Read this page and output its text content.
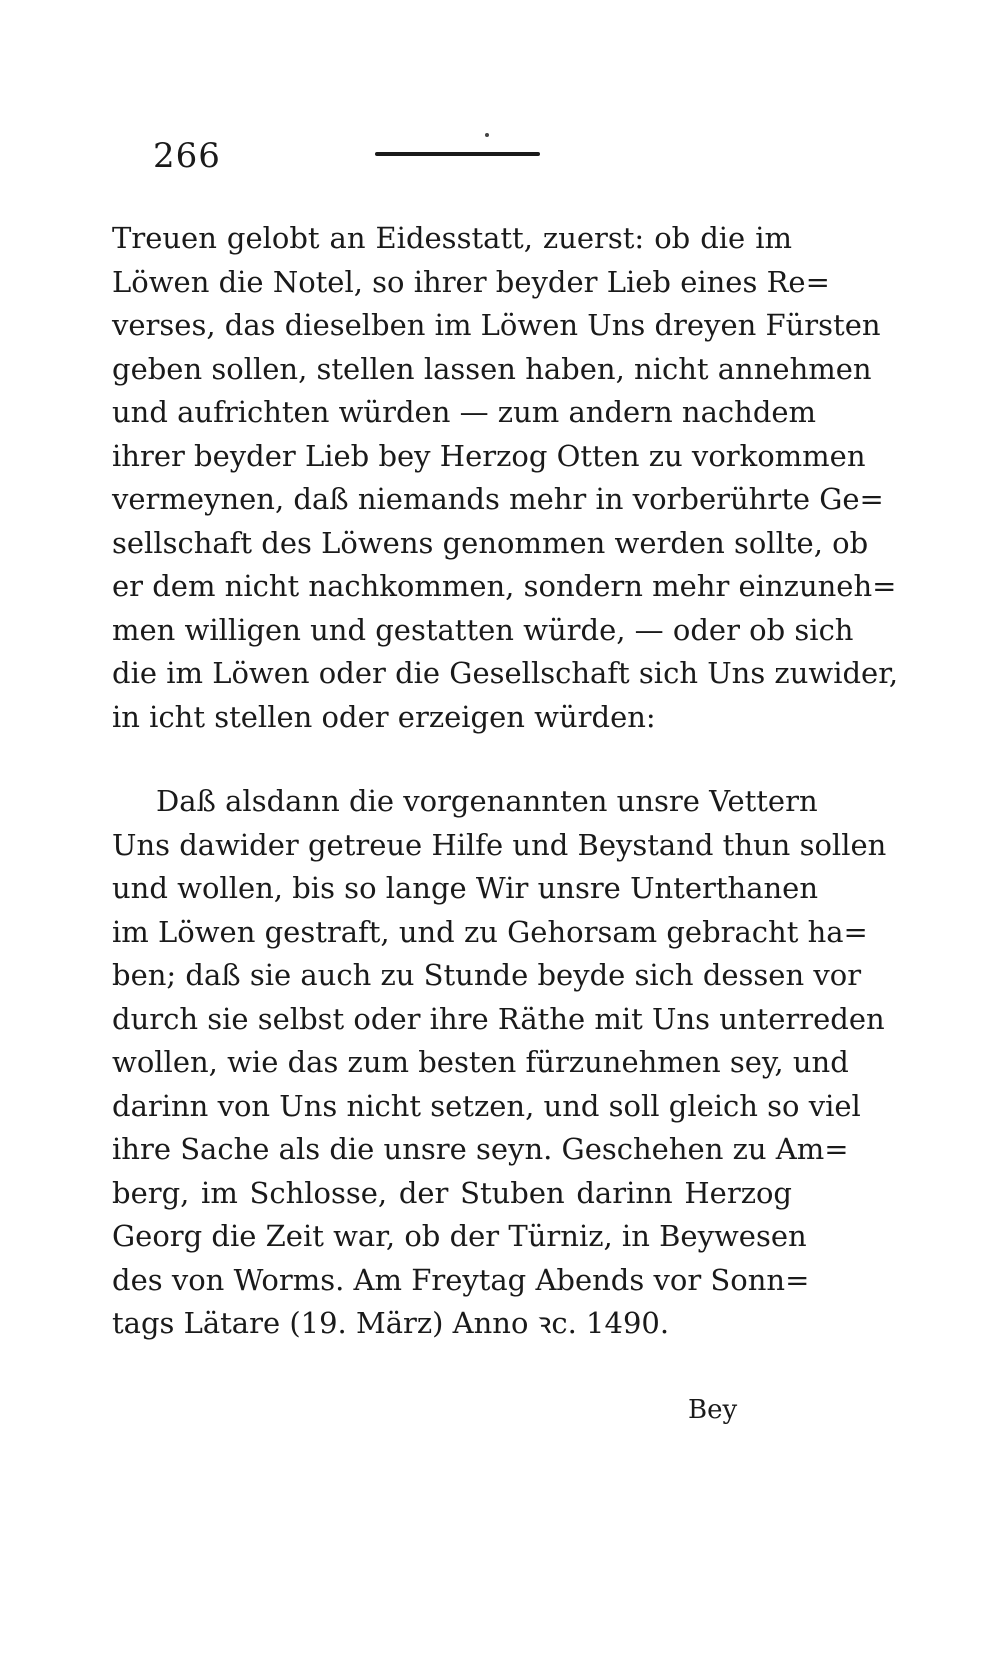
266

Treuen gelobt an Eidesstatt, zuerst: ob die im
Löwen die Notel, so ihrer beyder Lieb eines Re=
verses, das dieselben im Löwen Uns dreyen Fürsten
geben sollen, stellen lassen haben, nicht annehmen
und aufrichten würden — zum andern nachdem
ihrer beyder Lieb bey Herzog Otten zu vorkommen
vermeynen, daß niemands mehr in vorberührte Ge=
sellschaft des Löwens genommen werden sollte, ob
er dem nicht nachkommen, sondern mehr einzuneh=
men willigen und gestatten würde, — oder ob sich
die im Löwen oder die Gesellschaft sich Uns zuwider,
in icht stellen oder erzeigen würden:

Daß alsdann die vorgenannten unsre Vettern
Uns dawider getreue Hilfe und Beystand thun sollen
und wollen, bis so lange Wir unsre Unterthanen
im Löwen gestraft, und zu Gehorsam gebracht ha=
ben; daß sie auch zu Stunde beyde sich dessen vor
durch sie selbst oder ihre Räthe mit Uns unterreden
wollen, wie das zum besten fürzunehmen sey, und
darinn von Uns nicht setzen, und soll gleich so viel
ihre Sache als die unsre seyn. Geschehen zu Am=
berg, im Schlosse, der Stuben darinn Herzog
Georg die Zeit war, ob der Türniz, in Beywesen
des von Worms. Am Freytag Abends vor Sonn=
tags Lätare (19. März) Anno ꝛc. 1490.

Bey
